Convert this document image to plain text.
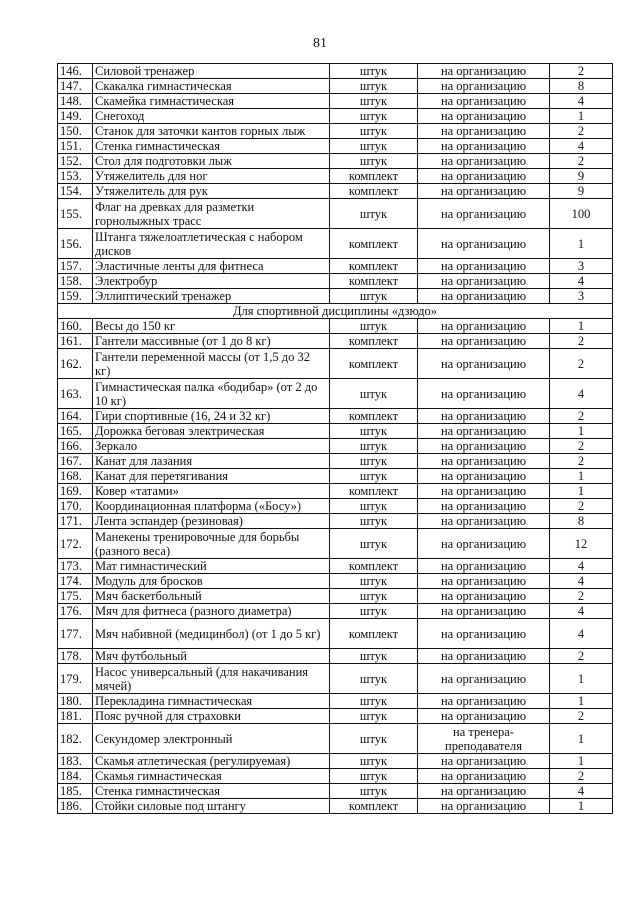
81
146.	Силовой тренажер	штук	на организацию	2
147.	Скакалка гимнастическая	штук	на организацию	8
148.	Скамейка гимнастическая	штук	на организацию	4
149.	Снегоход	штук	на организацию	1
150.	Станок для заточки кантов горных лыж	штук	на организацию	2
151.	Стенка гимнастическая	штук	на организацию	4
152.	Стол для подготовки лыж	штук	на организацию	2
153.	Утяжелитель для ног	комплект	на организацию	9
154.	Утяжелитель для рук	комплект	на организацию	9
155.	Флаг на древках для разметки горнолыжных трасс	штук	на организацию	100
156.	Штанга тяжелоатлетическая с набором дисков	комплект	на организацию	1
157.	Эластичные ленты для фитнеса	комплект	на организацию	3
158.	Электробур	комплект	на организацию	4
159.	Эллиптический тренажер	штук	на организацию	3
Для спортивной дисциплины «дзюдо»				
160.	Весы до 150 кг	штук	на организацию	1
161.	Гантели массивные (от 1 до 8 кг)	комплект	на организацию	2
162.	Гантели переменной массы (от 1,5 до 32 кг)	комплект	на организацию	2
163.	Гимнастическая палка «бодибар» (от 2 до 10 кг)	штук	на организацию	4
164.	Гири спортивные (16, 24 и 32 кг)	комплект	на организацию	2
165.	Дорожка беговая электрическая	штук	на организацию	1
166.	Зеркало	штук	на организацию	2
167.	Канат для лазания	штук	на организацию	2
168.	Канат для перетягивания	штук	на организацию	1
169.	Ковер «татами»	комплект	на организацию	1
170.	Координационная платформа («Босу»)	штук	на организацию	2
171.	Лента эспандер (резиновая)	штук	на организацию	8
172.	Манекены тренировочные для борьбы (разного веса)	штук	на организацию	12
173.	Мат гимнастический	комплект	на организацию	4
174.	Модуль для бросков	штук	на организацию	4
175.	Мяч баскетбольный	штук	на организацию	2
176.	Мяч для фитнеса (разного диаметра)	штук	на организацию	4
177.	Мяч набивной (медицинбол) (от 1 до 5 кг)	комплект	на организацию	4
178.	Мяч футбольный	штук	на организацию	2
179.	Насос универсальный (для накачивания мячей)	штук	на организацию	1
180.	Перекладина гимнастическая	штук	на организацию	1
181.	Пояс ручной для страховки	штук	на организацию	2
182.	Секундомер электронный	штук	на тренера-преподавателя	1
183.	Скамья атлетическая (регулируемая)	штук	на организацию	1
184.	Скамья гимнастическая	штук	на организацию	2
185.	Стенка гимнастическая	штук	на организацию	4
186.	Стойки силовые под штангу	комплект	на организацию	1
